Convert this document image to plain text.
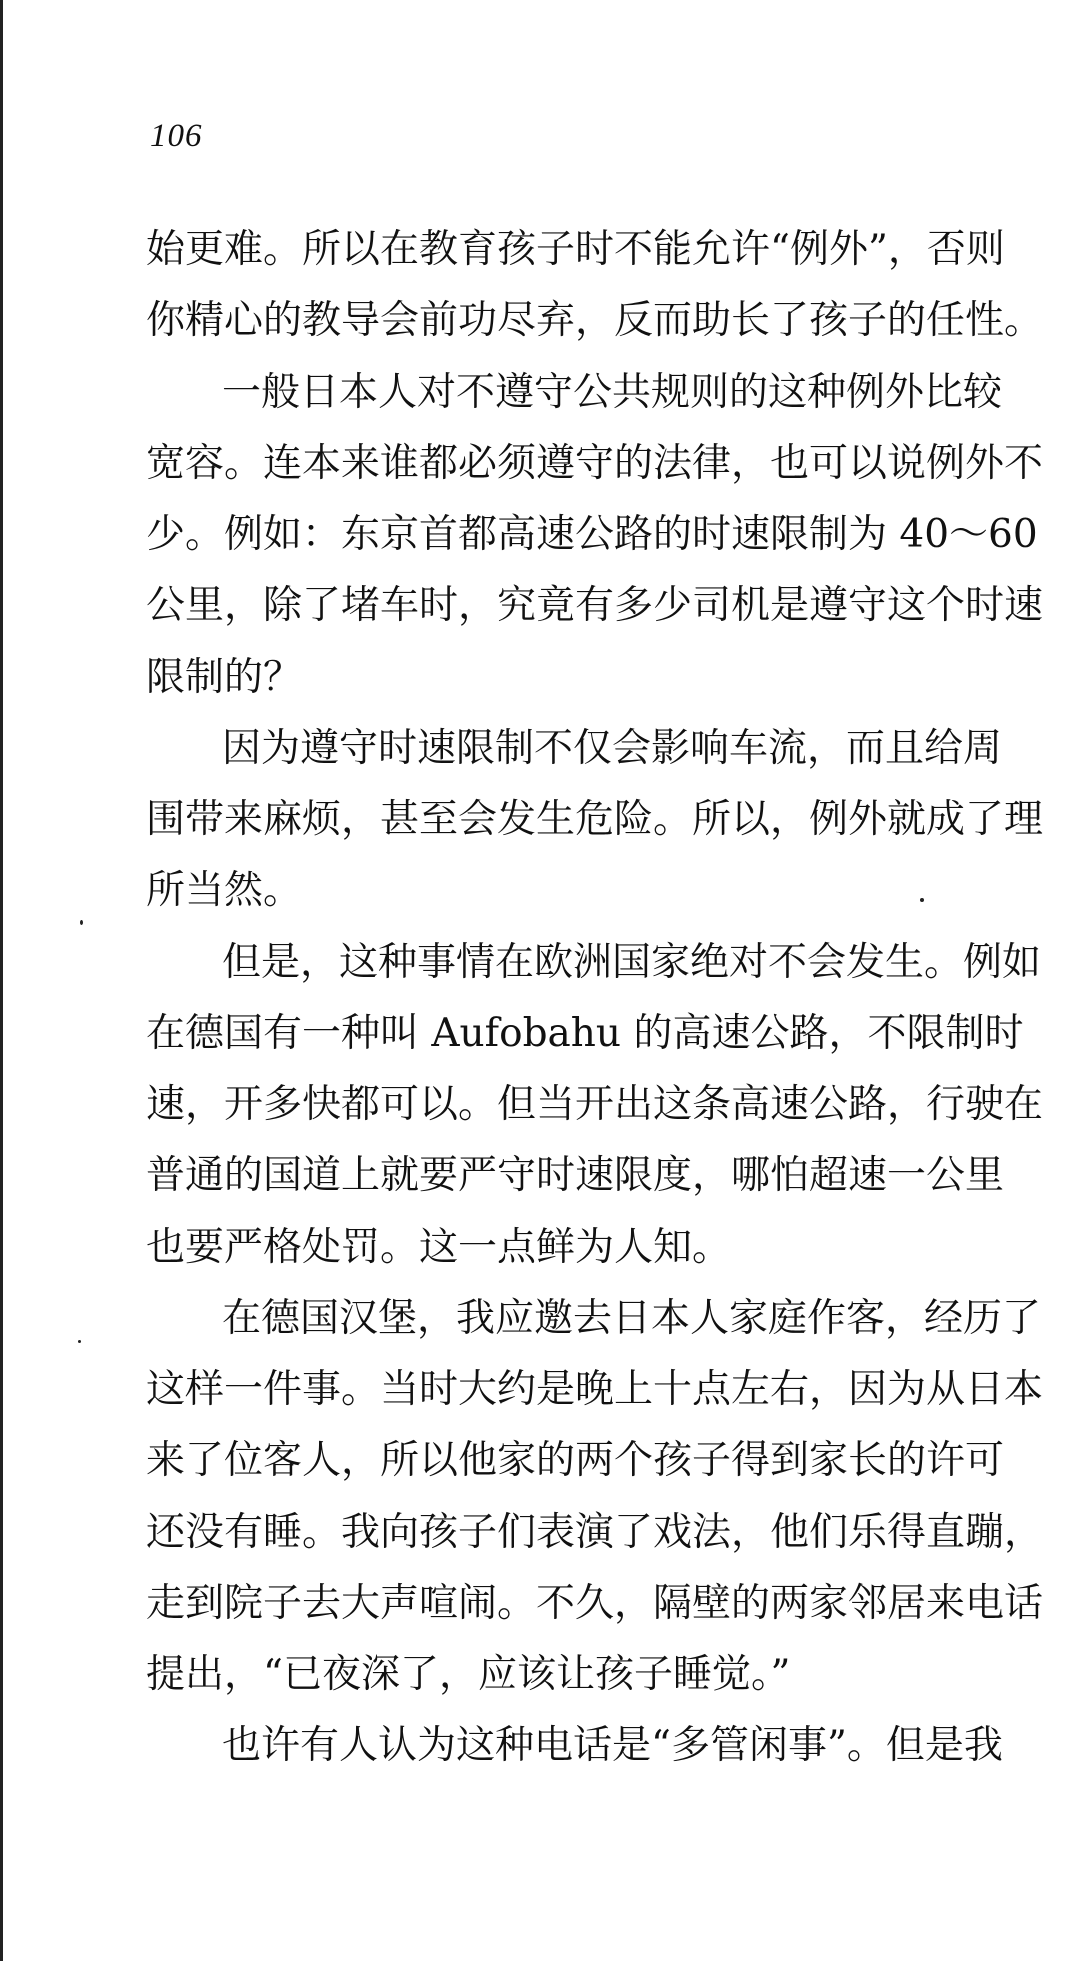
106
始更难。所以在教育孩子时不能允许“例外”，否则
你精心的教导会前功尽弃，反而助长了孩子的任性。
一般日本人对不遵守公共规则的这种例外比较
宽容。连本来谁都必须遵守的法律，也可以说例外不
少。例如：东京首都高速公路的时速限制为 40～60
公里，除了堵车时，究竟有多少司机是遵守这个时速
限制的？
因为遵守时速限制不仅会影响车流，而且给周
围带来麻烦，甚至会发生危险。所以，例外就成了理
所当然。
但是，这种事情在欧洲国家绝对不会发生。例如
在德国有一种叫 Aufobahu 的高速公路，不限制时
速，开多快都可以。但当开出这条高速公路，行驶在
普通的国道上就要严守时速限度，哪怕超速一公里
也要严格处罚。这一点鲜为人知。
在德国汉堡，我应邀去日本人家庭作客，经历了
这样一件事。当时大约是晚上十点左右，因为从日本
来了位客人，所以他家的两个孩子得到家长的许可
还没有睡。我向孩子们表演了戏法，他们乐得直蹦，
走到院子去大声喧闹。不久，隔壁的两家邻居来电话
提出，“已夜深了，应该让孩子睡觉。”
也许有人认为这种电话是“多管闲事”。但是我
